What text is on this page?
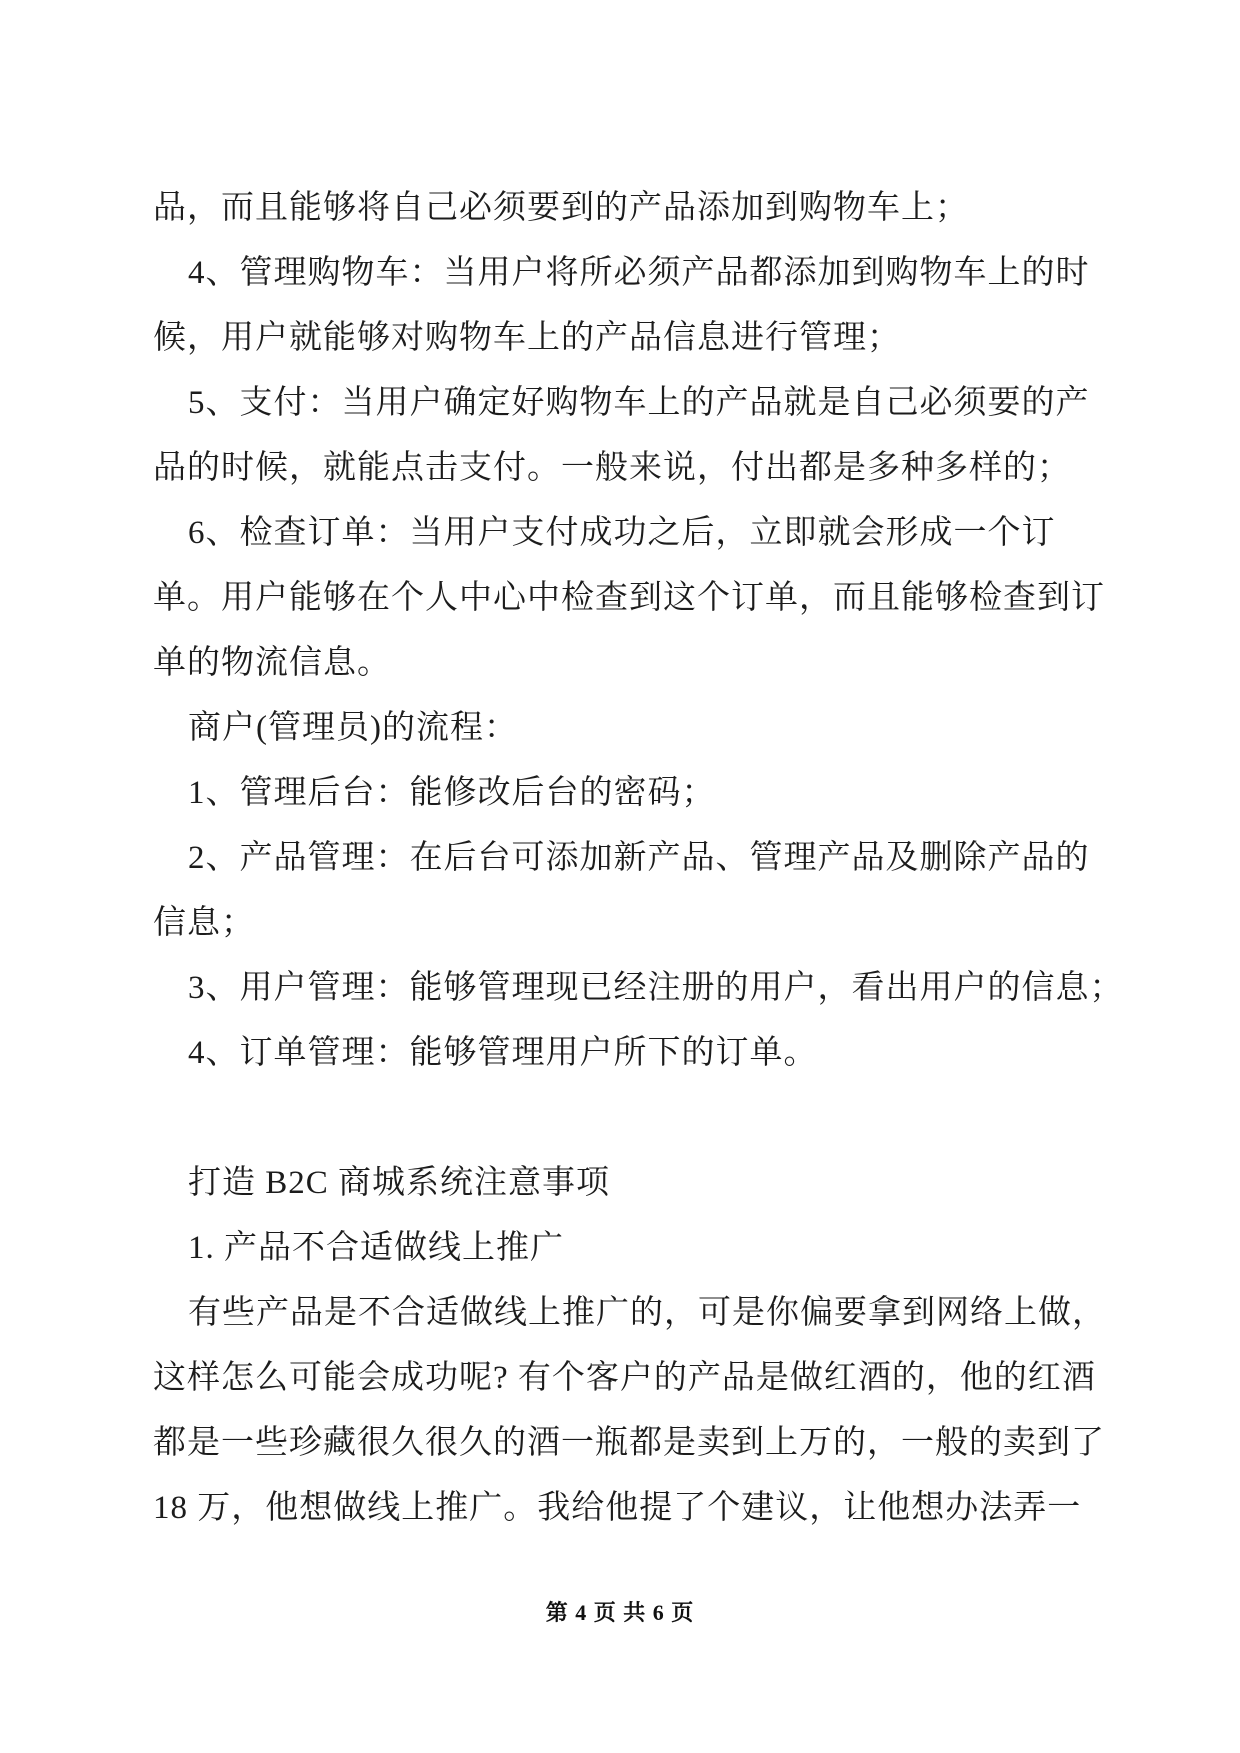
品，而且能够将自己必须要到的产品添加到购物车上；
4、管理购物车：当用户将所必须产品都添加到购物车上的时
候，用户就能够对购物车上的产品信息进行管理；
5、支付：当用户确定好购物车上的产品就是自己必须要的产
品的时候，就能点击支付。一般来说，付出都是多种多样的；
6、检查订单：当用户支付成功之后，立即就会形成一个订
单。用户能够在个人中心中检查到这个订单，而且能够检查到订
单的物流信息。
商户(管理员)的流程：
1、管理后台：能修改后台的密码；
2、产品管理：在后台可添加新产品、管理产品及删除产品的
信息；
3、用户管理：能够管理现已经注册的用户，看出用户的信息；
4、订单管理：能够管理用户所下的订单。
打造 B2C 商城系统注意事项
1. 产品不合适做线上推广
有些产品是不合适做线上推广的，可是你偏要拿到网络上做，
这样怎么可能会成功呢? 有个客户的产品是做红酒的，他的红酒
都是一些珍藏很久很久的酒一瓶都是卖到上万的，一般的卖到了
18 万，他想做线上推广。我给他提了个建议，让他想办法弄一
第 4 页 共 6 页
